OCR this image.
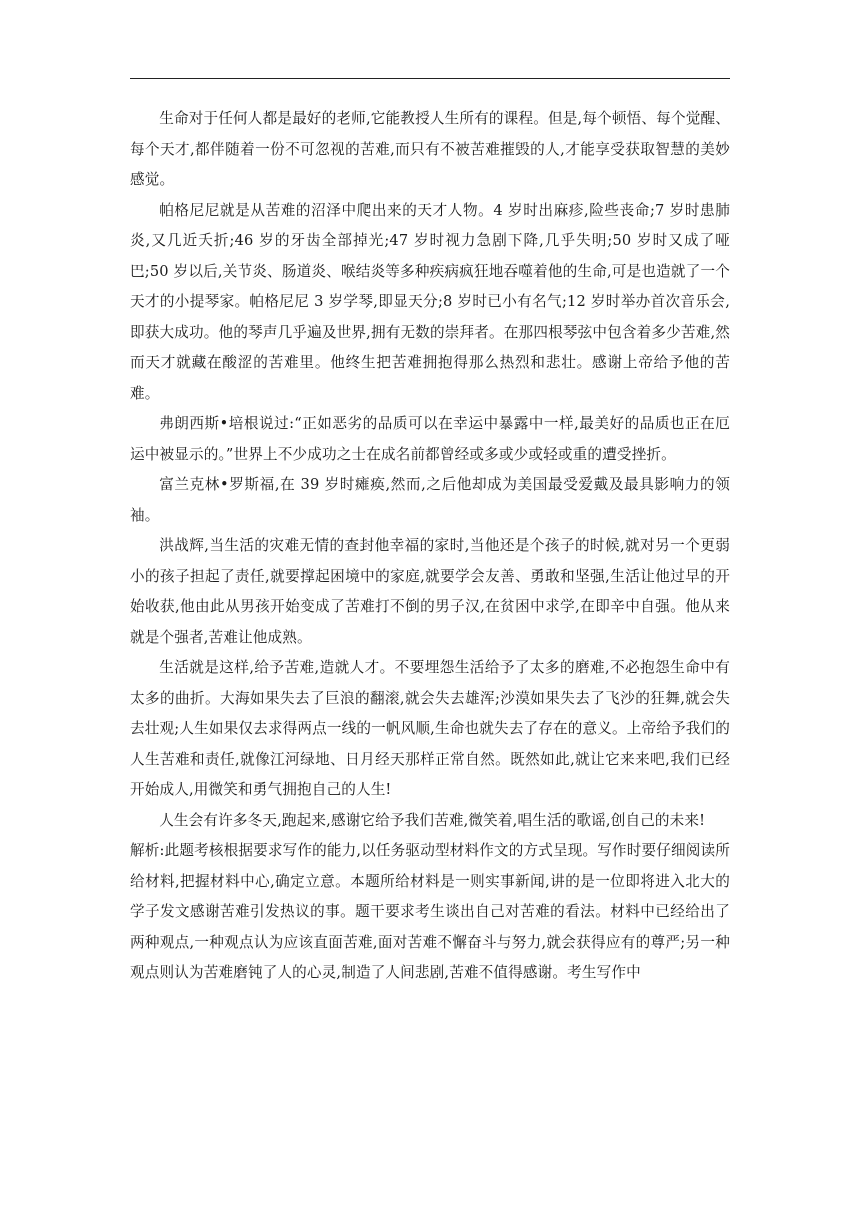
生命对于任何人都是最好的老师,它能教授人生所有的课程。但是,每个顿悟、每个觉醒、每个天才,都伴随着一份不可忽视的苦难,而只有不被苦难摧毁的人,才能享受获取智慧的美妙感觉。

帕格尼尼就是从苦难的沼泽中爬出来的天才人物。4 岁时出麻疹,险些丧命;7 岁时患肺炎,又几近夭折;46 岁的牙齿全部掉光;47 岁时视力急剧下降,几乎失明;50 岁时又成了哑巴;50 岁以后,关节炎、肠道炎、喉结炎等多种疾病疯狂地吞噬着他的生命,可是也造就了一个天才的小提琴家。帕格尼尼 3 岁学琴,即显天分;8 岁时已小有名气;12 岁时举办首次音乐会,即获大成功。他的琴声几乎遍及世界,拥有无数的崇拜者。在那四根琴弦中包含着多少苦难,然而天才就藏在酸涩的苦难里。他终生把苦难拥抱得那么热烈和悲壮。感谢上帝给予他的苦难。

弗朗西斯•培根说过:“正如恶劣的品质可以在幸运中暴露中一样,最美好的品质也正在厄运中被显示的。”世界上不少成功之士在成名前都曾经或多或少或轻或重的遭受挫折。

富兰克林•罗斯福,在 39 岁时瘫痪,然而,之后他却成为美国最受爱戴及最具影响力的领袖。

洪战辉,当生活的灾难无情的查封他幸福的家时,当他还是个孩子的时候,就对另一个更弱小的孩子担起了责任,就要撑起困境中的家庭,就要学会友善、勇敢和坚强,生活让他过早的开始收获,他由此从男孩开始变成了苦难打不倒的男子汉,在贫困中求学,在即辛中自强。他从来就是个强者,苦难让他成熟。

生活就是这样,给予苦难,造就人才。不要埋怨生活给予了太多的磨难,不必抱怨生命中有太多的曲折。大海如果失去了巨浪的翻滚,就会失去雄浑;沙漠如果失去了飞沙的狂舞,就会失去壮观;人生如果仅去求得两点一线的一帆风顺,生命也就失去了存在的意义。上帝给予我们的人生苦难和责任,就像江河绿地、日月经天那样正常自然。既然如此,就让它来来吧,我们已经开始成人,用微笑和勇气拥抱自己的人生!

人生会有许多冬天,跑起来,感谢它给予我们苦难,微笑着,唱生活的歌谣,创自己的未来!

解析:此题考核根据要求写作的能力,以任务驱动型材料作文的方式呈现。写作时要仔细阅读所给材料,把握材料中心,确定立意。本题所给材料是一则实事新闻,讲的是一位即将进入北大的学子发文感谢苦难引发热议的事。题干要求考生谈出自己对苦难的看法。材料中已经给出了两种观点,一种观点认为应该直面苦难,面对苦难不懈奋斗与努力,就会获得应有的尊严;另一种观点则认为苦难磨钝了人的心灵,制造了人间悲剧,苦难不值得感谢。考生写作中
